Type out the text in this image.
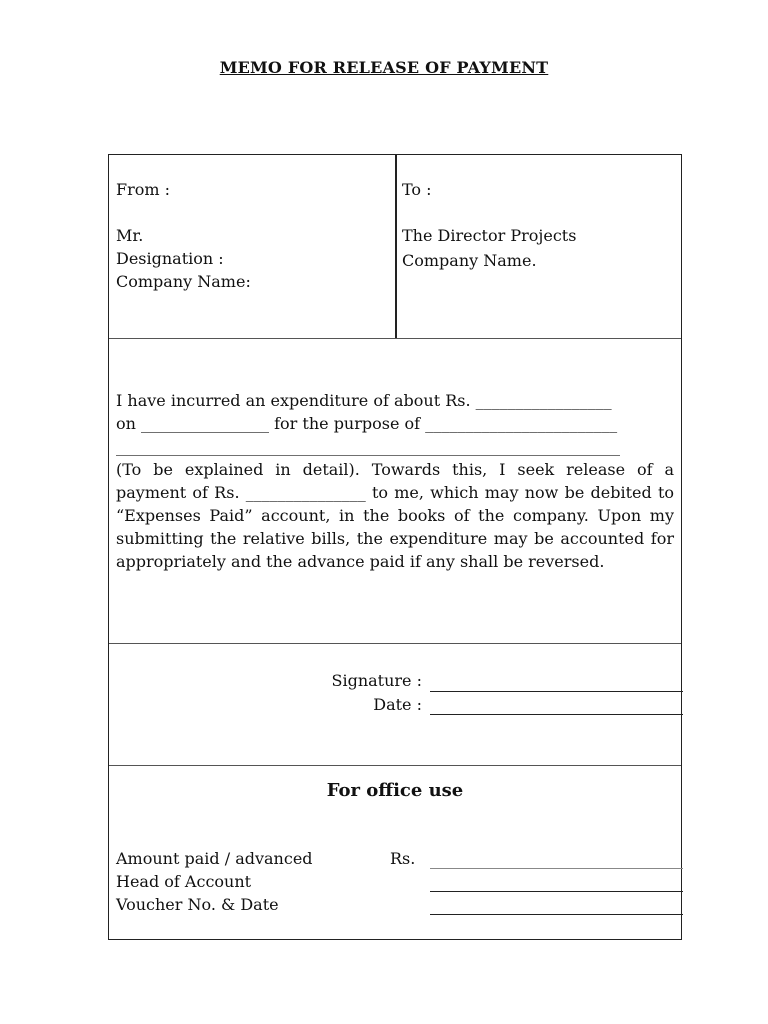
MEMO FOR RELEASE OF PAYMENT
From :
Mr.
Designation :
Company Name:
To :
The Director Projects
Company Name.
I have incurred an expenditure of about Rs. _________________
on ________________ for the purpose of ________________________
_______________________________________________________________

(To be explained in detail). Towards this, I seek release of a payment of Rs. _______________ to me, which may now be debited to “Expenses Paid” account, in the books of the company. Upon my submitting the relative bills, the expenditure may be accounted for appropriately and the advance paid if any shall be reversed.

Signature :
Date :
For office use
Amount paid / advanced	Rs.
Head of Account
Voucher No. & Date
